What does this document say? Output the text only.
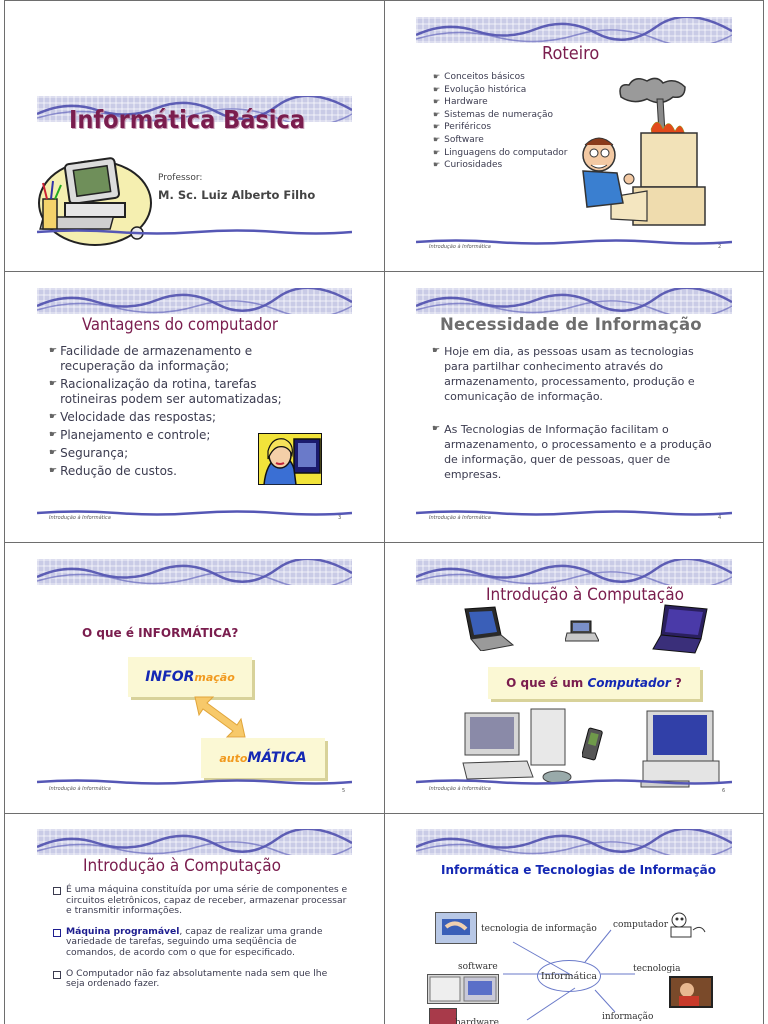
Informática Básica
Professor:
M. Sc. Luiz Alberto Filho
Roteiro
☛ Conceitos básicos
☛ Evolução histórica
☛ Hardware
☛ Sistemas de numeração
☛ Periféricos
☛ Software
☛ Linguagens do computador
☛ Curiosidades
Introdução à Informática	2
Vantagens do computador
☛ Facilidade de armazenamento e recuperação da informação;
☛ Racionalização da rotina, tarefas rotineiras podem ser automatizadas;
☛ Velocidade das respostas;
☛ Planejamento e controle;
☛ Segurança;
☛ Redução de custos.
Introdução à Informática	3
Necessidade de Informação
☛ Hoje em dia, as pessoas usam as tecnologias para partilhar conhecimento através do armazenamento, processamento, produção e comunicação de informação.
☛ As Tecnologias de Informação facilitam o armazenamento, o processamento e a produção de informação, quer de pessoas, quer de empresas.
Introdução à Informática	4
O que é INFORMÁTICA?
INFOR mação
auto MÁTICA
Introdução à Informática	5
Introdução à Computação
O que é um Computador ?
Introdução à Informática	6
Introdução à Computação
É uma máquina constituída por uma série de componentes e circuitos eletrônicos, capaz de receber, armazenar processar e transmitir informações.
Máquina programável, capaz de realizar uma grande variedade de tarefas, seguindo uma seqüência de comandos, de acordo com o que for especificado.
O Computador não faz absolutamente nada sem que lhe seja ordenado fazer.
Informática e Tecnologias de Informação
Informática
tecnologia de informação computador
software	tecnologia
hardware
informação
